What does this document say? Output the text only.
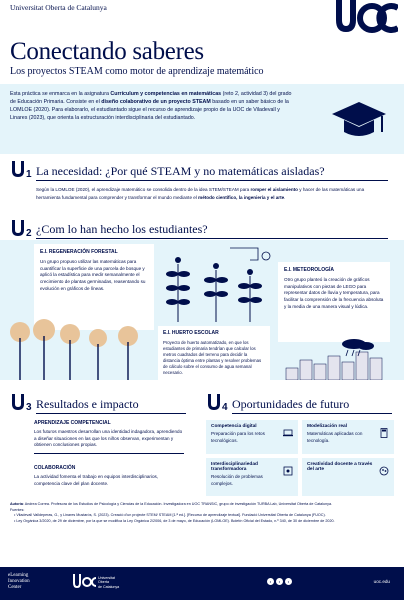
Universitat Oberta de Catalunya
Conectando saberes
Los proyectos STEAM como motor de aprendizaje matemático

Esta práctica se enmarca en la asignatura Currículum y competencias en matemáticas (reto 2, actividad 3) del grado de Educación Primaria. Consiste en el diseño colaborativo de un proyecto STEAM basado en un saber básico de la LOMLOE (2020). Para elaborarlo, el estudiantado sigue el recurso de aprendizaje propio de la UOC de Viladevall y Linares (2023), que orienta la estructuración interdisciplinaria del estudiantado.

1 La necesidad: ¿Por qué STEAM y no matemáticas aisladas?

Según la LOMLOE (2020), el aprendizaje matemático se consolida dentro de la idea STEM/STEAM para romper el aislamiento y hacer de las matemáticas una herramienta fundamental para comprender y transformar el mundo mediante el método científico, la ingeniería y el arte.

2 ¿Com lo han hecho los estudiantes?
E.I. REGENERACIÓN FORESTAL

Un grupo propuso utilizar las matemáticas para cuantificar la superficie de una parcela de bosque y aplicó la estadística para medir semanalmente el crecimiento de plantas germinadas, reasentando su evolución en gráficos de líneas.

E.I. HUERTO ESCOLAR

Proyecto de huerto automatizado, en que los estudiantes de primaria tendrían que calcular los metros cuadrados del terreno para decidir la distancia óptima entre plantas y resolver problemas de cálculo sobre el consumo de agua semanal necesario.

E.I. METEOROLOGÍA

Otro grupo planteó la creación de gráficos manipulativos con piezas de LEGO para representar datos de lluvia y temperatura, para facilitar la comprensión de la frecuencia absoluta y la media de una manera visual y lúdica.

3 Resultados e impacto
APRENDIZAJE COMPETENCIAL

Los futuros maestros desarrollan una identidad indagadora, aprendiendo a diseñar situaciones en las que los niños observan, experimentan y obtienen conclusiones propias.

COLABORACIÓN

La actividad fomenta el trabajo en equipos interdisciplinarios, competencia clave del plan docente.

4 Oportunidades de futuro
Competencia digital

Preparación para los retos tecnológicos.

Modelización real

Matemáticas aplicadas con tecnología.

Interdisciplinariedad transformadora

Resolución de problemas complejos.

Creatividad docente a través del arte
Autoría: Andrea Correa. Profesora de los Estudios de Psicología y Ciencias de la Educación. Investigadora en UOC TRANSIC, grupo de investigación TURBA Lab, Universitat Oberta de Catalunya.
Fuentes:
• Viladevall Valldeperas, G., y Linares Mustarós, S. (2023). Creació d'un projecte STEM/ STEAM [1.ª ed.]. [Recurso de aprendizaje textual]. Fundació Universitat Oberta de Catalunya (FUOC).
• Ley Orgánica 3/2020, de 29 de diciembre, por la que se modifica la Ley Orgánica 2/2006, de 3 de mayo, de Educación (LOMLOE). Boletín Oficial del Estado, n.º 340, de 30 de diciembre de 2020.
eLearning
Innovation
Center
Universitat
Oberta
de Catalunya
•	•	•	uoc.edu
